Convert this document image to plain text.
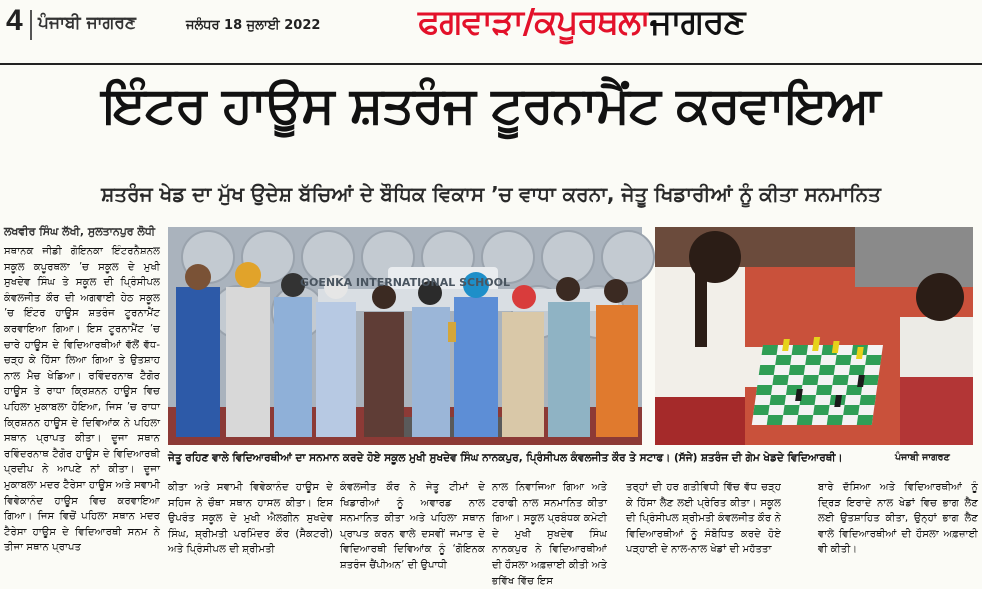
4 ਪੰਜਾਬੀ ਜਾਗਰਣ	ਜਲੰਧਰ 18 ਜੁਲਾਈ 2022	ਫਗਵਾੜਾ/ਕਪੂਰਥਲਾਜਾਗਰਣ
ਇੰਟਰ ਹਾਊਸ ਸ਼ਤਰੰਜ ਟੂਰਨਾਮੈਂਟ ਕਰਵਾਇਆ
ਸ਼ਤਰੰਜ ਖੇਡ ਦਾ ਮੁੱਖ ਉਦੇਸ਼ ਬੱਚਿਆਂ ਦੇ ਬੌਧਿਕ ਵਿਕਾਸ ’ਚ ਵਾਧਾ ਕਰਨਾ, ਜੇਤੂ ਖਿਡਾਰੀਆਂ ਨੂੰ ਕੀਤਾ ਸਨਮਾਨਿਤ
ਲਖਵੀਰ ਸਿੰਘ ਲੱਖੀ, ਸੁਲਤਾਨਪੁਰ ਲੋਧੀ
ਸਥਾਨਕ ਜੀਡੀ ਗੋਇਨਕਾ ਇੰਟਰਨੈਸ਼ਨਲ ਸਕੂਲ ਕਪੂਰਥਲਾ ’ਚ ਸਕੂਲ ਦੇ ਮੁਖੀ ਸੁਖਦੇਵ ਸਿੰਘ ਤੇ ਸਕੂਲ ਦੀ ਪ੍ਰਿੰਸੀਪਲ ਕੰਵਲਜੀਤ ਕੌਰ ਦੀ ਅਗਵਾਈ ਹੇਠ ਸਕੂਲ ’ਚ ਇੰਟਰ ਹਾਊਸ ਸ਼ਤਰੰਜ ਟੂਰਨਾਮੈਂਟ ਕਰਵਾਇਆ ਗਿਆ। ਇਸ ਟੂਰਨਾਮੈਂਟ ’ਚ ਚਾਰੇ ਹਾਊਸ ਦੇ ਵਿਦਿਆਰਥੀਆਂ ਵੱਲੋਂ ਵੱਧ-ਚੜ੍ਹ ਕੇ ਹਿੱਸਾ ਲਿਆ ਗਿਆ ਤੇ ਉਤਸ਼ਾਹ ਨਾਲ ਮੈਚ ਖੇਡਿਆ। ਰਵਿੰਦਰਨਾਥ ਟੈਗੋਰ ਹਾਊਸ ਤੇ ਰਾਧਾ ਕ੍ਰਿਸ਼ਨਨ ਹਾਊਸ ਵਿਚ ਪਹਿਲਾ ਮੁਕਾਬਲਾ ਹੋਇਆ, ਜਿਸ ’ਚ ਰਾਧਾ ਕ੍ਰਿਸ਼ਨਨ ਹਾਊਸ ਦੇ ਦਿਵਿਆਂਕ ਨੇ ਪਹਿਲਾ ਸਥਾਨ ਪ੍ਰਾਪਤ ਕੀਤਾ। ਦੂਜਾ ਸਥਾਨ ਰਵਿੰਦਰਨਾਥ ਟੈਗੋਰ ਹਾਊਸ ਦੇ ਵਿਦਿਆਰਥੀ ਪ੍ਰਦੀਪ ਨੇ ਆਪਣੇ ਨਾਂ ਕੀਤਾ। ਦੂਜਾ ਮੁਕਾਬਲਾ ਮਦਰ ਟੈਰੇਸਾ ਹਾਊਸ ਅਤੇ ਸਵਾਮੀ ਵਿਵੇਕਾਨੰਦ ਹਾਊਸ ਵਿਚ ਕਰਵਾਇਆ ਗਿਆ। ਜਿਸ ਵਿਚੋਂ ਪਹਿਲਾ ਸਥਾਨ ਮਦਰ ਟੈਰੇਸਾ ਹਾਊਸ ਦੇ ਵਿਦਿਆਰਥੀ ਸਨਮ ਨੇ ਤੀਜਾ ਸਥਾਨ ਪ੍ਰਾਪਤ
GOENKA INTERNATIONAL SCHOOL
ਜੇਤੂ ਰਹਿਣ ਵਾਲੇ ਵਿਦਿਆਰਥੀਆਂ ਦਾ ਸਨਮਾਨ ਕਰਦੇ ਹੋਏ ਸਕੂਲ ਮੁਖੀ ਸੁਖਦੇਵ ਸਿੰਘ ਨਾਨਕਪੁਰ, ਪ੍ਰਿੰਸੀਪਲ ਕੰਵਲਜੀਤ ਕੌਰ ਤੇ ਸਟਾਫ। (ਸੱਜੇ) ਸ਼ਤਰੰਜ ਦੀ ਗੇਮ ਖੇਡਦੇ ਵਿਦਿਆਰਥੀ।	ਪੰਜਾਬੀ ਜਾਗਰਣ
ਕੀਤਾ ਅਤੇ ਸਵਾਮੀ ਵਿਵੇਕਾਨੰਦ ਹਾਊਸ ਦੇ ਸਹਿਜ ਨੇ ਚੌਥਾ ਸਥਾਨ ਹਾਸਲ ਕੀਤਾ। ਇਸ ਉਪਰੰਤ ਸਕੂਲ ਦੇ ਮੁਖੀ ਐਲਗੀਨ ਸੁਖਦੇਵ ਸਿੰਘ, ਸ਼੍ਰੀਮਤੀ ਪਰਮਿੰਦਰ ਕੌਰ (ਸੈਕਟਰੀ) ਅਤੇ ਪ੍ਰਿੰਸੀਪਲ ਦੀ ਸ਼੍ਰੀਮਤੀ
ਕੰਵਲਜੀਤ ਕੌਰ ਨੇ ਜੇਤੂ ਟੀਮਾਂ ਦੇ ਖਿਡਾਰੀਆਂ ਨੂੰ ਅਵਾਰਡ ਨਾਲ ਸਨਮਾਨਿਤ ਕੀਤਾ ਅਤੇ ਪਹਿਲਾ ਸਥਾਨ ਪ੍ਰਾਪਤ ਕਰਨ ਵਾਲੇ ਦਸਵੀਂ ਜਮਾਤ ਦੇ ਵਿਦਿਆਰਥੀ ਦਿਵਿਆਂਕ ਨੂੰ ‘ਗੋਇਨਕ ਸ਼ਤਰੰਜ ਚੈਂਪੀਅਨ’ ਦੀ ਉਪਾਧੀ
ਨਾਲ ਨਿਵਾਜਿਆ ਗਿਆ ਅਤੇ ਟਰਾਫੀ ਨਾਲ ਸਨਮਾਨਿਤ ਕੀਤਾ ਗਿਆ। ਸਕੂਲ ਪ੍ਰਬੰਧਕ ਕਮੇਟੀ ਦੇ ਮੁਖੀ ਸੁਖਦੇਵ ਸਿੰਘ ਨਾਨਕਪੁਰ ਨੇ ਵਿਦਿਆਰਥੀਆਂ ਦੀ ਹੌਸਲਾ ਅਫ਼ਜ਼ਾਈ ਕੀਤੀ ਅਤੇ ਭਵਿੱਖ ਵਿੱਚ ਇਸ
ਤਰ੍ਹਾਂ ਦੀ ਹਰ ਗਤੀਵਿਧੀ ਵਿੱਚ ਵੱਧ ਚੜ੍ਹ ਕੇ ਹਿੱਸਾ ਲੈਣ ਲਈ ਪ੍ਰੇਰਿਤ ਕੀਤਾ। ਸਕੂਲ ਦੀ ਪ੍ਰਿੰਸੀਪਲ ਸ਼੍ਰੀਮਤੀ ਕੰਵਲਜੀਤ ਕੌਰ ਨੇ ਵਿਦਿਆਰਥੀਆਂ ਨੂੰ ਸੰਬੋਧਿਤ ਕਰਦੇ ਹੋਏ ਪੜ੍ਹਾਈ ਦੇ ਨਾਲ-ਨਾਲ ਖੇਡਾਂ ਦੀ ਮਹੱਤਤਾ
ਬਾਰੇ ਦੱਸਿਆ ਅਤੇ ਵਿਦਿਆਰਥੀਆਂ ਨੂੰ ਦ੍ਰਿੜ ਇਰਾਦੇ ਨਾਲ ਖੇਡਾਂ ਵਿਚ ਭਾਗ ਲੈਣ ਲਈ ਉਤਸ਼ਾਹਿਤ ਕੀਤਾ, ਉਨ੍ਹਾਂ ਭਾਗ ਲੈਣ ਵਾਲੇ ਵਿਦਿਆਰਥੀਆਂ ਦੀ ਹੌਸਲਾ ਅਫ਼ਜ਼ਾਈ ਵੀ ਕੀਤੀ।
